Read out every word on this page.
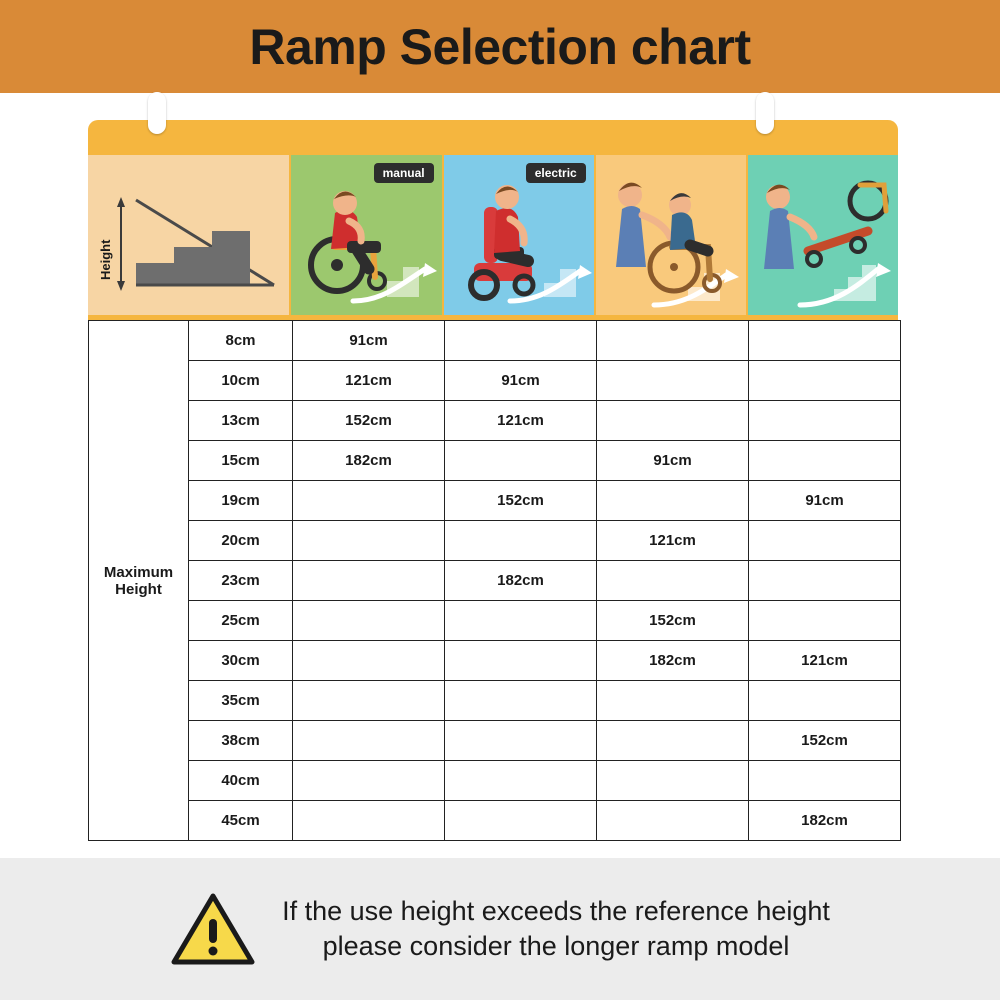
Ramp Selection chart
Height
manual	electric
Maximum
Height	8cm	91cm			
	10cm	121cm	91cm		
	13cm	152cm	121cm		
	15cm	182cm		91cm	
	19cm		152cm		91cm
	20cm			121cm	
	23cm		182cm		
	25cm			152cm	
	30cm			182cm	121cm
	35cm				
	38cm				152cm
	40cm				
	45cm				182cm
If the use height exceeds the reference height
please consider the longer ramp model
